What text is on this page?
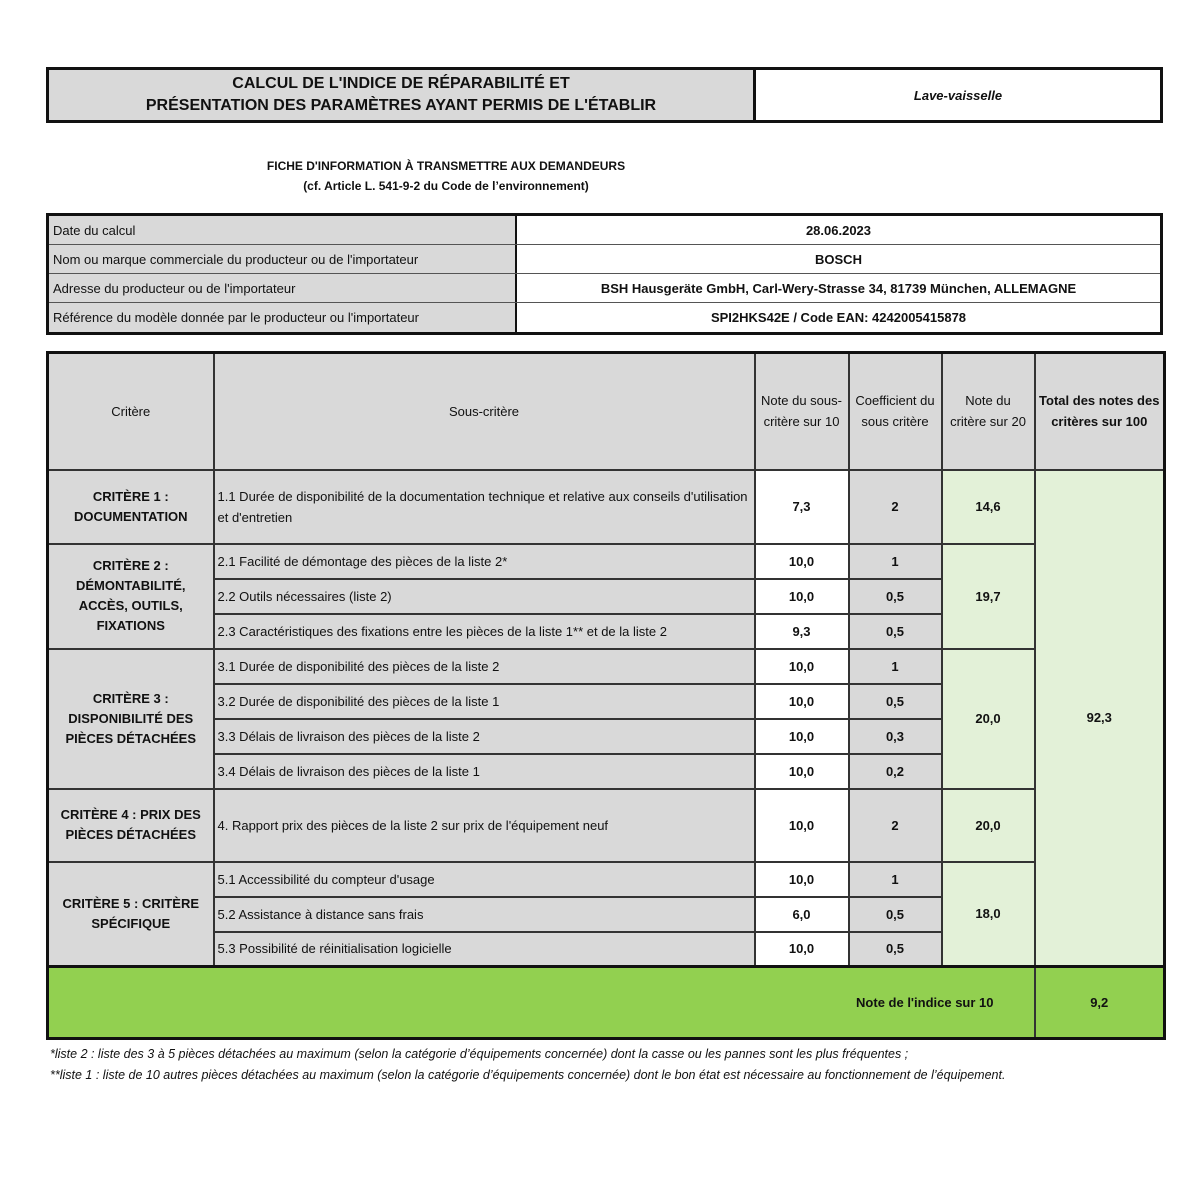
CALCUL DE L'INDICE DE RÉPARABILITÉ ET
PRÉSENTATION DES PARAMÈTRES AYANT PERMIS DE L'ÉTABLIR
Lave-vaisselle
FICHE D'INFORMATION À TRANSMETTRE AUX DEMANDEURS
(cf. Article L. 541-9-2 du Code de l’environnement)
Date du calcul	28.06.2023
Nom ou marque commerciale du producteur ou de l'importateur	BOSCH
Adresse du producteur ou de l'importateur	BSH Hausgeräte GmbH, Carl-Wery-Strasse 34, 81739 München, ALLEMAGNE
Référence du modèle donnée par le producteur ou l'importateur	SPI2HKS42E / Code EAN: 4242005415878
Critère	Sous-critère	Note du sous-critère sur 10	Coefficient du sous critère	Note du critère sur 20	Total des notes des critères sur 100
CRITÈRE 1 : DOCUMENTATION	1.1 Durée de disponibilité de la documentation technique et relative aux conseils d'utilisation et d'entretien	7,3	2	14,6	92,3
CRITÈRE 2 : DÉMONTABILITÉ, ACCÈS, OUTILS, FIXATIONS	2.1 Facilité de démontage des pièces de la liste 2*	10,0	1	19,7	
	2.2 Outils nécessaires (liste 2)	10,0	0,5		
	2.3 Caractéristiques des fixations entre les pièces de la liste 1** et de la liste 2	9,3	0,5		
CRITÈRE 3 : DISPONIBILITÉ DES PIÈCES DÉTACHÉES	3.1 Durée de disponibilité des pièces de la liste 2	10,0	1	20,0	
	3.2 Durée de disponibilité des pièces de la liste 1	10,0	0,5		
	3.3 Délais de livraison des pièces de la liste 2	10,0	0,3		
	3.4 Délais de livraison des pièces de la liste 1	10,0	0,2		
CRITÈRE 4 : PRIX DES PIÈCES DÉTACHÉES	4. Rapport prix des pièces de la liste 2 sur prix de l'équipement neuf	10,0	2	20,0	
CRITÈRE 5 : CRITÈRE SPÉCIFIQUE	5.1 Accessibilité du compteur d'usage	10,0	1	18,0	
	5.2 Assistance à distance sans frais	6,0	0,5		
	5.3 Possibilité de réinitialisation logicielle	10,0	0,5		
Note de l'indice sur 10					9,2
*liste 2 : liste des 3 à 5 pièces détachées au maximum (selon la catégorie d’équipements concernée) dont la casse ou les pannes sont les plus fréquentes ;
**liste 1 : liste de 10 autres pièces détachées au maximum (selon la catégorie d’équipements concernée) dont le bon état est nécessaire au fonctionnement de l’équipement.
